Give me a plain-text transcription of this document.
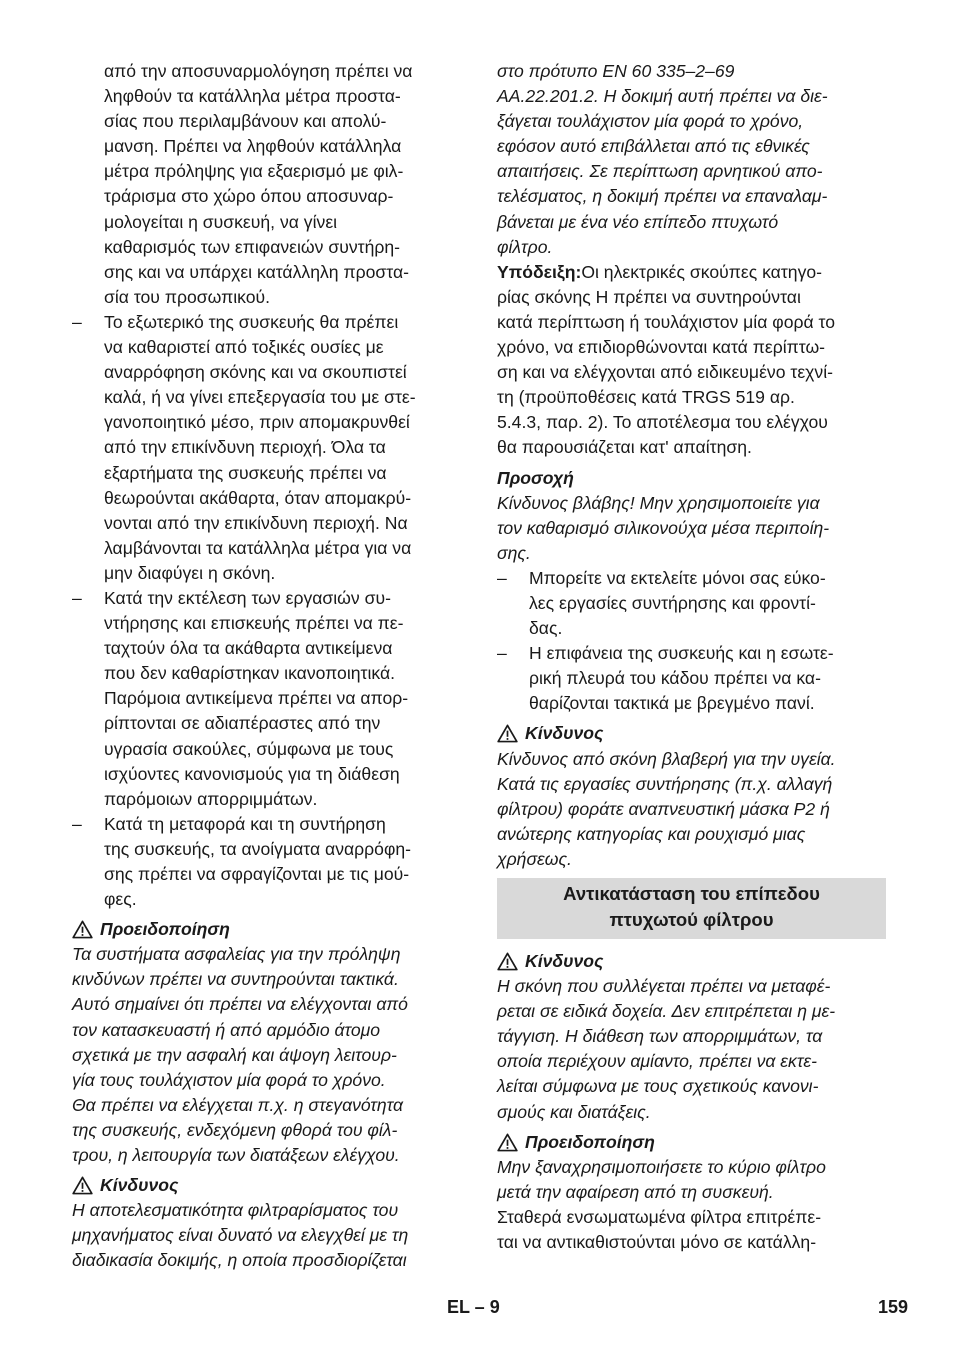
από την αποσυναρμολόγηση πρέπει να
ληφθούν τα κατάλληλα μέτρα προστα-
σίας που περιλαμβάνουν και απολύ-
μανση. Πρέπει να ληφθούν κατάλληλα
μέτρα πρόληψης για εξαερισμό με φιλ-
τράρισμα στο χώρο όπου αποσυναρ-
μολογείται η συσκευή, να γίνει
καθαρισμός των επιφανειών συντήρη-
σης και να υπάρχει κατάλληλη προστα-
σία του προσωπικού.
–	Το εξωτερικό της συσκευής θα πρέπει
να καθαριστεί από τοξικές ουσίες με
αναρρόφηση σκόνης και να σκουπιστεί
καλά, ή να γίνει επεξεργασία του με στε-
γανοποιητικό μέσο, πριν απομακρυνθεί
από την επικίνδυνη περιοχή. Όλα τα
εξαρτήματα της συσκευής πρέπει να
θεωρούνται ακάθαρτα, όταν απομακρύ-
νονται από την επικίνδυνη περιοχή. Να
λαμβάνονται τα κατάλληλα μέτρα για να
μην διαφύγει η σκόνη.
–	Κατά την εκτέλεση των εργασιών συ-
ντήρησης και επισκευής πρέπει να πε-
ταχτούν όλα τα ακάθαρτα αντικείμενα
που δεν καθαρίστηκαν ικανοποιητικά.
Παρόμοια αντικείμενα πρέπει να απορ-
ρίπτονται σε αδιαπέραστες από την
υγρασία σακούλες, σύμφωνα με τους
ισχύοντες κανονισμούς για τη διάθεση
παρόμοιων απορριμμάτων.
–	Κατά τη μεταφορά και τη συντήρηση
της συσκευής, τα ανοίγματα αναρρόφη-
σης πρέπει να σφραγίζονται με τις μού-
φες.
Προειδοποίηση
Τα συστήματα ασφαλείας για την πρόληψη
κινδύνων πρέπει να συντηρούνται τακτικά.
Αυτό σημαίνει ότι πρέπει να ελέγχονται από
τον κατασκευαστή ή από αρμόδιο άτομο
σχετικά με την ασφαλή και άψογη λειτουρ-
γία τους τουλάχιστον μία φορά το χρόνο.
Θα πρέπει να ελέγχεται π.χ. η στεγανότητα
της συσκευής, ενδεχόμενη φθορά του φίλ-
τρου, η λειτουργία των διατάξεων ελέγχου.
Κίνδυνος
Η αποτελεσματικότητα φιλτραρίσματος του
μηχανήματος είναι δυνατό να ελεγχθεί με τη
διαδικασία δοκιμής, η οποία προσδιορίζεται
στο πρότυπο EN 60 335–2–69
AA.22.201.2. Η δοκιμή αυτή πρέπει να διε-
ξάγεται τουλάχιστον μία φορά το χρόνο,
εφόσον αυτό επιβάλλεται από τις εθνικές
απαιτήσεις. Σε περίπτωση αρνητικού απο-
τελέσματος, η δοκιμή πρέπει να επαναλαμ-
βάνεται με ένα νέο επίπεδο πτυχωτό
φίλτρο.
Υπόδειξη:Οι ηλεκτρικές σκούπες κατηγο-
ρίας σκόνης Η πρέπει να συντηρούνται
κατά περίπτωση ή τουλάχιστον μία φορά το
χρόνο, να επιδιορθώνονται κατά περίπτω-
ση και να ελέγχονται από ειδικευμένο τεχνί-
τη (προϋποθέσεις κατά TRGS 519 αρ.
5.4.3, παρ. 2). Το αποτέλεσμα του ελέγχου
θα παρουσιάζεται κατ' απαίτηση.
Προσοχή
Κίνδυνος βλάβης! Μην χρησιμοποιείτε για
τον καθαρισμό σιλικονούχα μέσα περιποίη-
σης.
–	Μπορείτε να εκτελείτε μόνοι σας εύκο-
λες εργασίες συντήρησης και φροντί-
δας.
–	Η επιφάνεια της συσκευής και η εσωτε-
ρική πλευρά του κάδου πρέπει να κα-
θαρίζονται τακτικά με βρεγμένο πανί.
Κίνδυνος
Κίνδυνος από σκόνη βλαβερή για την υγεία.
Κατά τις εργασίες συντήρησης (π.χ. αλλαγή
φίλτρου) φοράτε αναπνευστική μάσκα P2 ή
ανώτερης κατηγορίας και ρουχισμό μιας
χρήσεως.
Αντικατάσταση του επίπεδου
πτυχωτού φίλτρου
Κίνδυνος
Η σκόνη που συλλέγεται πρέπει να μεταφέ-
ρεται σε ειδικά δοχεία. Δεν επιτρέπεται η με-
τάγγιση. Η διάθεση των απορριμμάτων, τα
οποία περιέχουν αμίαντο, πρέπει να εκτε-
λείται σύμφωνα με τους σχετικούς κανονι-
σμούς και διατάξεις.
Προειδοποίηση
Μην ξαναχρησιμοποιήσετε το κύριο φίλτρο
μετά την αφαίρεση από τη συσκευή.
Σταθερά ενσωματωμένα φίλτρα επιτρέπε-
ται να αντικαθιστούνται μόνο σε κατάλλη-
EL – 9	159
